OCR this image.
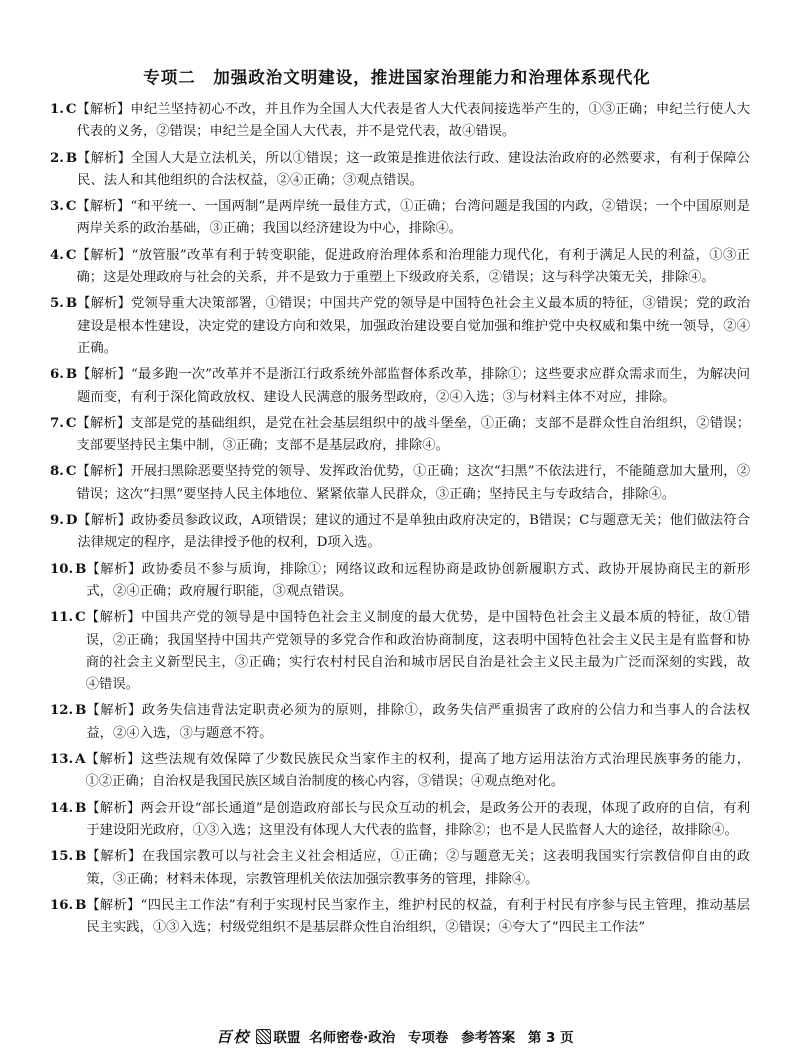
专项二　加强政治文明建设，推进国家治理能力和治理体系现代化
1. C 【解析】申纪兰坚持初心不改，并且作为全国人大代表是省人大代表间接选举产生的，①③正确；申纪兰行使人大代表的义务，②错误；申纪兰是全国人大代表，并不是党代表，故④错误。
2. B 【解析】全国人大是立法机关，所以①错误；这一政策是推进依法行政、建设法治政府的必然要求，有利于保障公民、法人和其他组织的合法权益，②④正确；③观点错误。
3. C 【解析】“和平统一、一国两制”是两岸统一最佳方式，①正确；台湾问题是我国的内政，②错误；一个中国原则是两岸关系的政治基础，③正确；我国以经济建设为中心，排除④。
4. C 【解析】“放管服”改革有利于转变职能，促进政府治理体系和治理能力现代化，有利于满足人民的利益，①③正确；这是处理政府与社会的关系，并不是致力于重塑上下级政府关系，②错误；这与科学决策无关，排除④。
5. B 【解析】党领导重大决策部署，①错误；中国共产党的领导是中国特色社会主义最本质的特征，③错误；党的政治建设是根本性建设，决定党的建设方向和效果，加强政治建设要自觉加强和维护党中央权威和集中统一领导，②④正确。
6. B 【解析】“最多跑一次”改革并不是浙江行政系统外部监督体系改革，排除①；这些要求应群众需求而生，为解决问题而变，有利于深化简政放权、建设人民满意的服务型政府，②④入选；③与材料主体不对应，排除。
7. C 【解析】支部是党的基础组织，是党在社会基层组织中的战斗堡垒，①正确；支部不是群众性自治组织，②错误；支部要坚持民主集中制，③正确；支部不是基层政府，排除④。
8. C 【解析】开展扫黑除恶要坚持党的领导、发挥政治优势，①正确；这次“扫黑”不依法进行，不能随意加大量刑，②错误；这次“扫黑”要坚持人民主体地位、紧紧依靠人民群众，③正确；坚持民主与专政结合，排除④。
9. D 【解析】政协委员参政议政，A项错误；建议的通过不是单独由政府决定的，B错误；C与题意无关；他们做法符合法律规定的程序，是法律授予他的权利，D项入选。
10. B 【解析】政协委员不参与质询，排除①；网络议政和远程协商是政协创新履职方式、政协开展协商民主的新形式，②④正确；政府履行职能，③观点错误。
11. C 【解析】中国共产党的领导是中国特色社会主义制度的最大优势，是中国特色社会主义最本质的特征，故①错误，②正确；我国坚持中国共产党领导的多党合作和政治协商制度，这表明中国特色社会主义民主是有监督和协商的社会主义新型民主，③正确；实行农村村民自治和城市居民自治是社会主义民主最为广泛而深刻的实践，故④错误。
12. B 【解析】政务失信违背法定职责必须为的原则，排除①，政务失信严重损害了政府的公信力和当事人的合法权益，②④入选，③与题意不符。
13. A 【解析】这些法规有效保障了少数民族民众当家作主的权利，提高了地方运用法治方式治理民族事务的能力，①②正确；自治权是我国民族区域自治制度的核心内容，③错误；④观点绝对化。
14. B 【解析】两会开设“部长通道”是创造政府部长与民众互动的机会，是政务公开的表现，体现了政府的自信，有利于建设阳光政府，①③入选；这里没有体现人大代表的监督，排除②；也不是人民监督人大的途径，故排除④。
15. B 【解析】在我国宗教可以与社会主义社会相适应，①正确；②与题意无关；这表明我国实行宗教信仰自由的政策，③正确；材料未体现，宗教管理机关依法加强宗教事务的管理，排除④。
16. B 【解析】“四民主工作法”有利于实现村民当家作主，维护村民的权益，有利于村民有序参与民主管理，推动基层民主实践，①③入选；村级党组织不是基层群众性自治组织，②错误；④夸大了“四民主工作法”
百校 联盟 名师密卷·政治 专项卷 参考答案 第 3 页
